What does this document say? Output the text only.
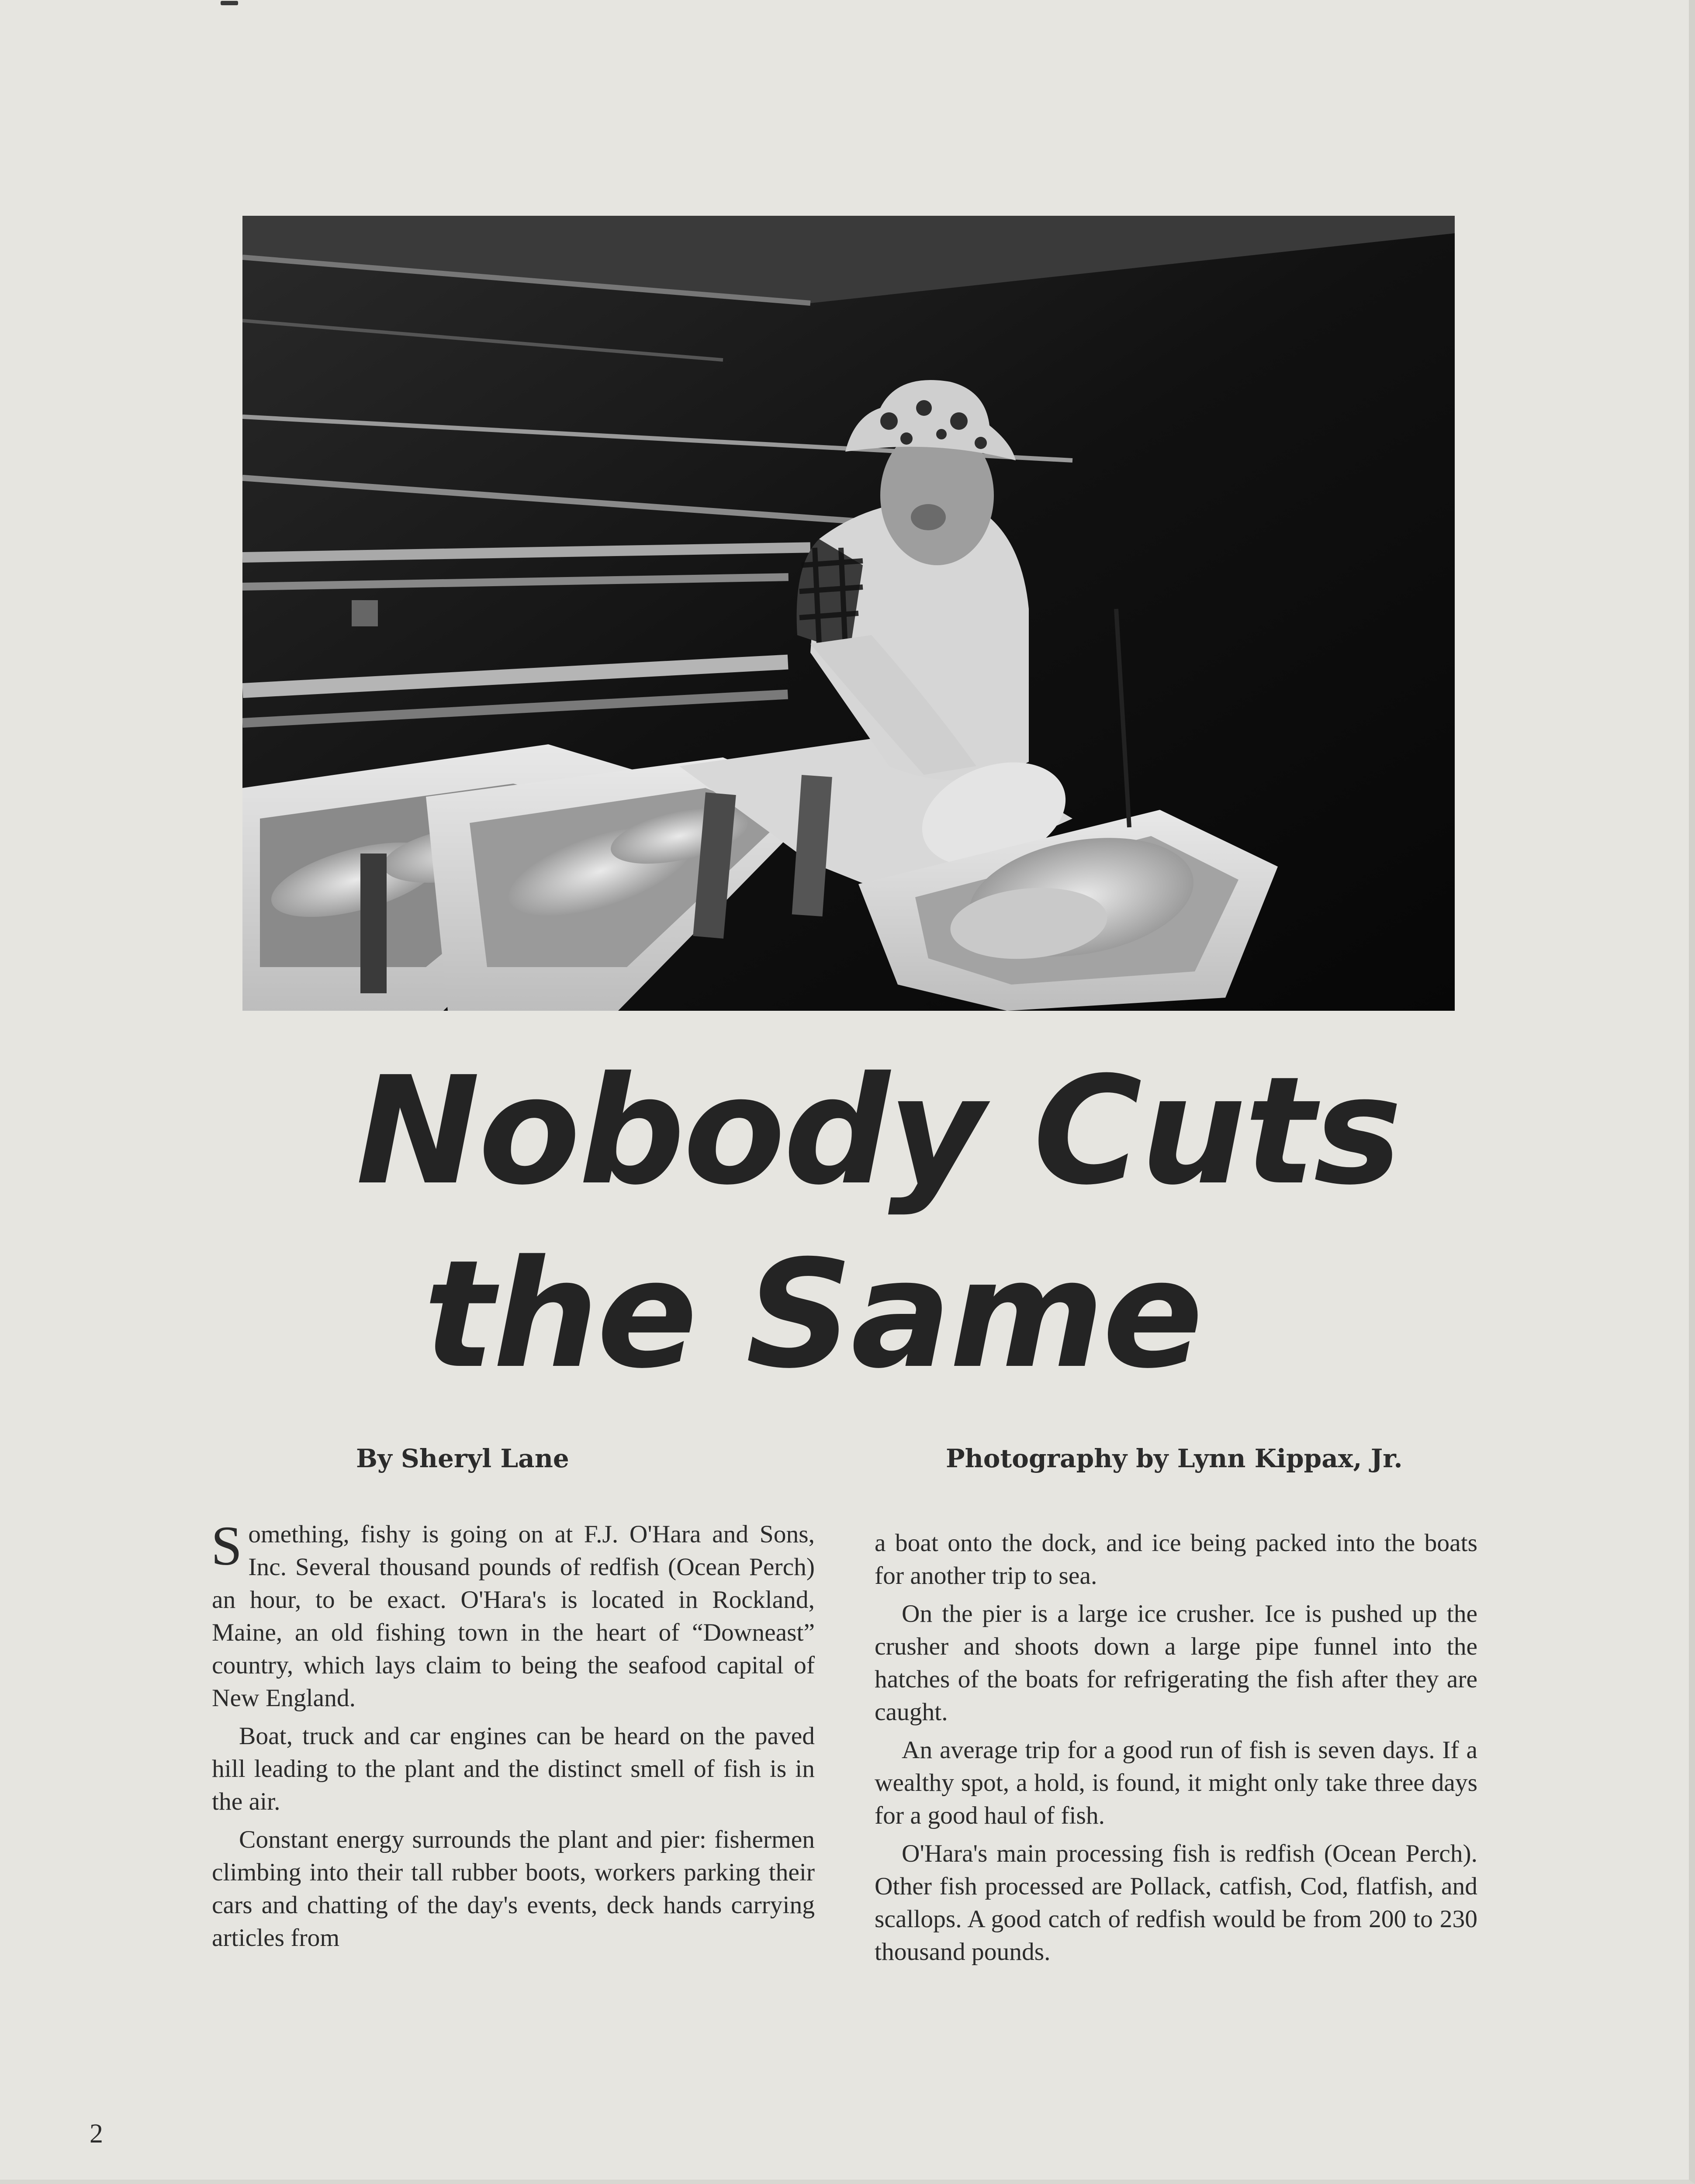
Nobody Cuts
the Same
By Sheryl Lane	Photography by Lynn Kippax, Jr.

Something, fishy is going on at F.J. O'Hara and Sons, Inc. Several thousand pounds of redfish (Ocean Perch) an hour, to be exact. O'Hara's is located in Rockland, Maine, an old fishing town in the heart of “Downeast” country, which lays claim to being the seafood capital of New England.

Boat, truck and car engines can be heard on the paved hill leading to the plant and the distinct smell of fish is in the air.

Constant energy surrounds the plant and pier: fishermen climbing into their tall rubber boots, workers parking their cars and chatting of the day's events, deck hands carrying articles from

a boat onto the dock, and ice being packed into the boats for another trip to sea.

On the pier is a large ice crusher. Ice is pushed up the crusher and shoots down a large pipe funnel into the hatches of the boats for refrigerating the fish after they are caught.

An average trip for a good run of fish is seven days. If a wealthy spot, a hold, is found, it might only take three days for a good haul of fish.

O'Hara's main processing fish is redfish (Ocean Perch). Other fish processed are Pollack, catfish, Cod, flatfish, and scallops. A good catch of redfish would be from 200 to 230 thousand pounds.

2
